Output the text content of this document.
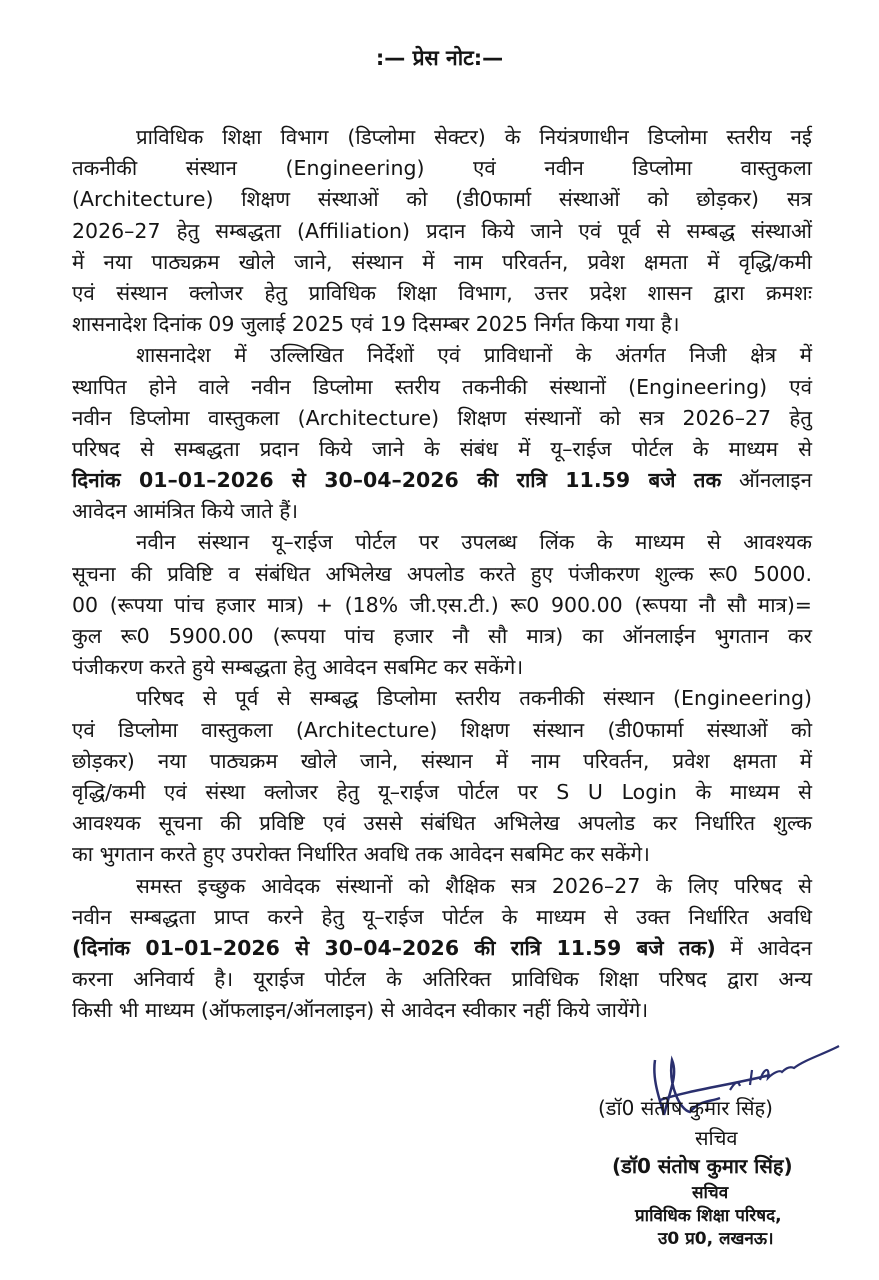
:— प्रेस नोट:—
प्राविधिक शिक्षा विभाग (डिप्लोमा सेक्टर) के नियंत्रणाधीन डिप्लोमा स्तरीय नई
तकनीकी संस्थान (Engineering) एवं नवीन डिप्लोमा वास्तुकला
(Architecture) शिक्षण संस्थाओं को (डी0फार्मा संस्थाओं को छोड़कर) सत्र
2026–27 हेतु सम्बद्धता (Affiliation) प्रदान किये जाने एवं पूर्व से सम्बद्ध संस्थाओं
में नया पाठ्यक्रम खोले जाने, संस्थान में नाम परिवर्तन, प्रवेश क्षमता में वृद्धि/कमी
एवं संस्थान क्लोजर हेतु प्राविधिक शिक्षा विभाग, उत्तर प्रदेश शासन द्वारा क्रमशः
शासनादेश दिनांक 09 जुलाई 2025 एवं 19 दिसम्बर 2025 निर्गत किया गया है।
शासनादेश में उल्लिखित निर्देशों एवं प्राविधानों के अंतर्गत निजी क्षेत्र में
स्थापित होने वाले नवीन डिप्लोमा स्तरीय तकनीकी संस्थानों (Engineering) एवं
नवीन डिप्लोमा वास्तुकला (Architecture) शिक्षण संस्थानों को सत्र 2026–27 हेतु
परिषद से सम्बद्धता प्रदान किये जाने के संबंध में यू–राईज पोर्टल के माध्यम से
दिनांक 01–01–2026 से 30–04–2026 की रात्रि 11.59 बजे तक ऑनलाइन
आवेदन आमंत्रित किये जाते हैं।
नवीन संस्थान यू–राईज पोर्टल पर उपलब्ध लिंक के माध्यम से आवश्यक
सूचना की प्रविष्टि व संबंधित अभिलेख अपलोड करते हुए पंजीकरण शुल्क रू0 5000.
00 (रूपया पांच हजार मात्र) + (18% जी.एस.टी.) रू0 900.00 (रूपया नौ सौ मात्र)=
कुल रू0 5900.00 (रूपया पांच हजार नौ सौ मात्र) का ऑनलाईन भुगतान कर
पंजीकरण करते हुये सम्बद्धता हेतु आवेदन सबमिट कर सकेंगे।
परिषद से पूर्व से सम्बद्ध डिप्लोमा स्तरीय तकनीकी संस्थान (Engineering)
एवं डिप्लोमा वास्तुकला (Architecture) शिक्षण संस्थान (डी0फार्मा संस्थाओं को
छोड़कर) नया पाठ्यक्रम खोले जाने, संस्थान में नाम परिवर्तन, प्रवेश क्षमता में
वृद्धि/कमी एवं संस्था क्लोजर हेतु यू–राईज पोर्टल पर S U Login के माध्यम से
आवश्यक सूचना की प्रविष्टि एवं उससे संबंधित अभिलेख अपलोड कर निर्धारित शुल्क
का भुगतान करते हुए उपरोक्त निर्धारित अवधि तक आवेदन सबमिट कर सकेंगे।
समस्त इच्छुक आवेदक संस्थानों को शैक्षिक सत्र 2026–27 के लिए परिषद से
नवीन सम्बद्धता प्राप्त करने हेतु यू–राईज पोर्टल के माध्यम से उक्त निर्धारित अवधि
(दिनांक 01–01–2026 से 30–04–2026 की रात्रि 11.59 बजे तक) में आवेदन
करना अनिवार्य है। यूराईज पोर्टल के अतिरिक्त प्राविधिक शिक्षा परिषद द्वारा अन्य
किसी भी माध्यम (ऑफलाइन/ऑनलाइन) से आवेदन स्वीकार नहीं किये जायेंगे।
(डॉ0 संतोष कुमार सिंह)
सचिव
(डॉ0 संतोष कुमार सिंह)
सचिव
प्राविधिक शिक्षा परिषद,
उ0 प्र0, लखनऊ।
